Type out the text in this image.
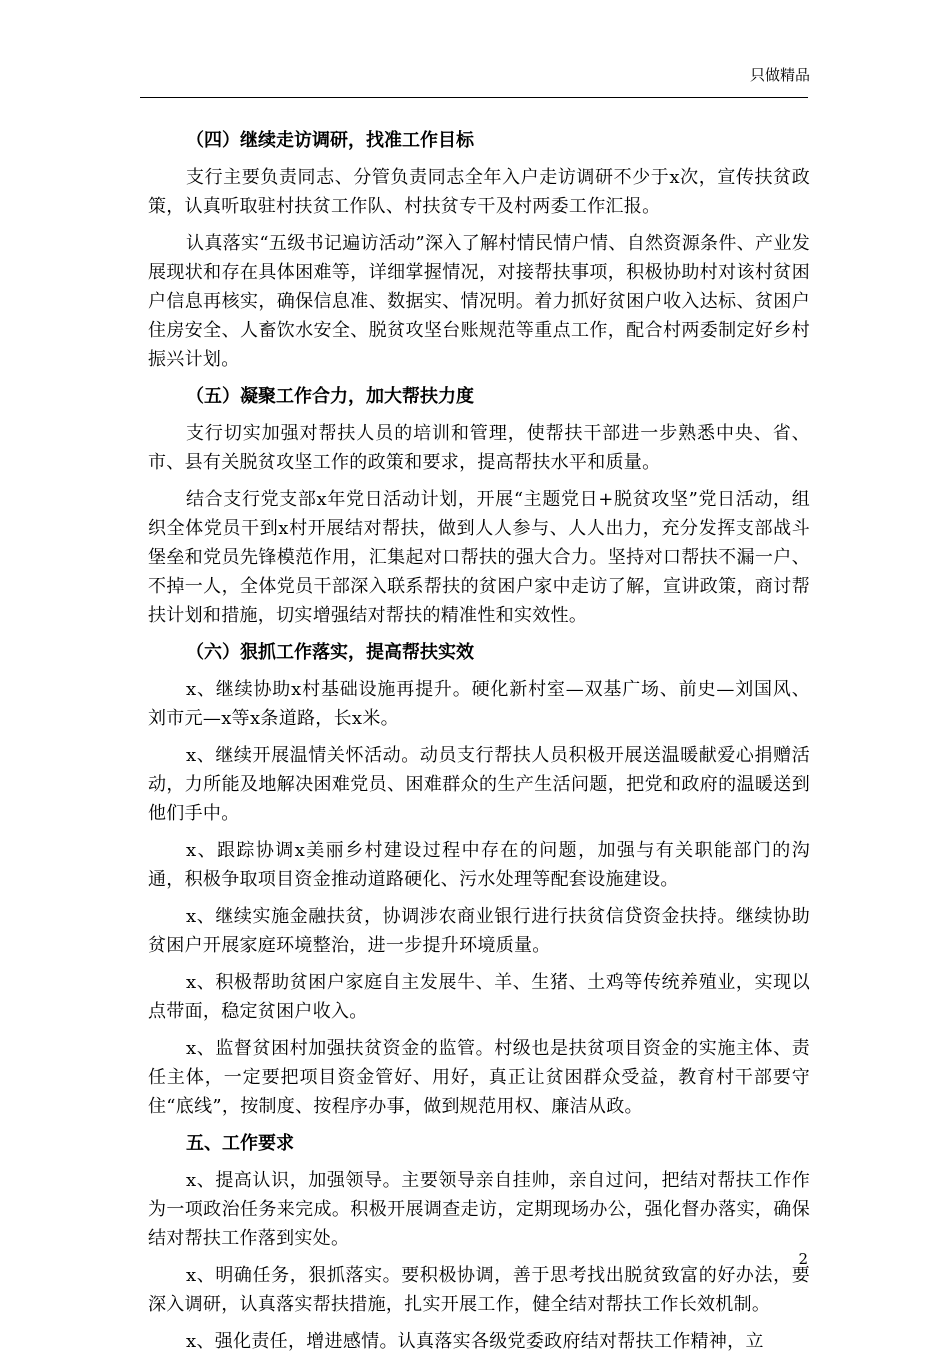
只做精品
（四）继续走访调研，找准工作目标
支行主要负责同志、分管负责同志全年入户走访调研不少于x次，宣传扶贫政策，认真听取驻村扶贫工作队、村扶贫专干及村两委工作汇报。
认真落实“五级书记遍访活动”深入了解村情民情户情、自然资源条件、产业发展现状和存在具体困难等，详细掌握情况，对接帮扶事项，积极协助村对该村贫困户信息再核实，确保信息准、数据实、情况明。着力抓好贫困户收入达标、贫困户住房安全、人畜饮水安全、脱贫攻坚台账规范等重点工作，配合村两委制定好乡村振兴计划。
（五）凝聚工作合力，加大帮扶力度
支行切实加强对帮扶人员的培训和管理，使帮扶干部进一步熟悉中央、省、市、县有关脱贫攻坚工作的政策和要求，提高帮扶水平和质量。
结合支行党支部x年党日活动计划，开展“主题党日+脱贫攻坚”党日活动，组织全体党员干到x村开展结对帮扶，做到人人参与、人人出力，充分发挥支部战斗堡垒和党员先锋模范作用，汇集起对口帮扶的强大合力。坚持对口帮扶不漏一户、不掉一人，全体党员干部深入联系帮扶的贫困户家中走访了解，宣讲政策，商讨帮扶计划和措施，切实增强结对帮扶的精准性和实效性。
（六）狠抓工作落实，提高帮扶实效
x、继续协助x村基础设施再提升。硬化新村室—双基广场、前史—刘国风、刘市元—x等x条道路，长x米。
x、继续开展温情关怀活动。动员支行帮扶人员积极开展送温暖献爱心捐赠活动，力所能及地解决困难党员、困难群众的生产生活问题，把党和政府的温暖送到他们手中。
x、跟踪协调x美丽乡村建设过程中存在的问题，加强与有关职能部门的沟通，积极争取项目资金推动道路硬化、污水处理等配套设施建设。
x、继续实施金融扶贫，协调涉农商业银行进行扶贫信贷资金扶持。继续协助贫困户开展家庭环境整治，进一步提升环境质量。
x、积极帮助贫困户家庭自主发展牛、羊、生猪、土鸡等传统养殖业，实现以点带面，稳定贫困户收入。
x、监督贫困村加强扶贫资金的监管。村级也是扶贫项目资金的实施主体、责任主体，一定要把项目资金管好、用好，真正让贫困群众受益，教育村干部要守住“底线”，按制度、按程序办事，做到规范用权、廉洁从政。
五、工作要求
x、提高认识，加强领导。主要领导亲自挂帅，亲自过问，把结对帮扶工作作为一项政治任务来完成。积极开展调查走访，定期现场办公，强化督办落实，确保结对帮扶工作落到实处。
x、明确任务，狠抓落实。要积极协调，善于思考找出脱贫致富的好办法，要深入调研，认真落实帮扶措施，扎实开展工作，健全结对帮扶工作长效机制。
x、强化责任，增进感情。认真落实各级党委政府结对帮扶工作精神，立
2
